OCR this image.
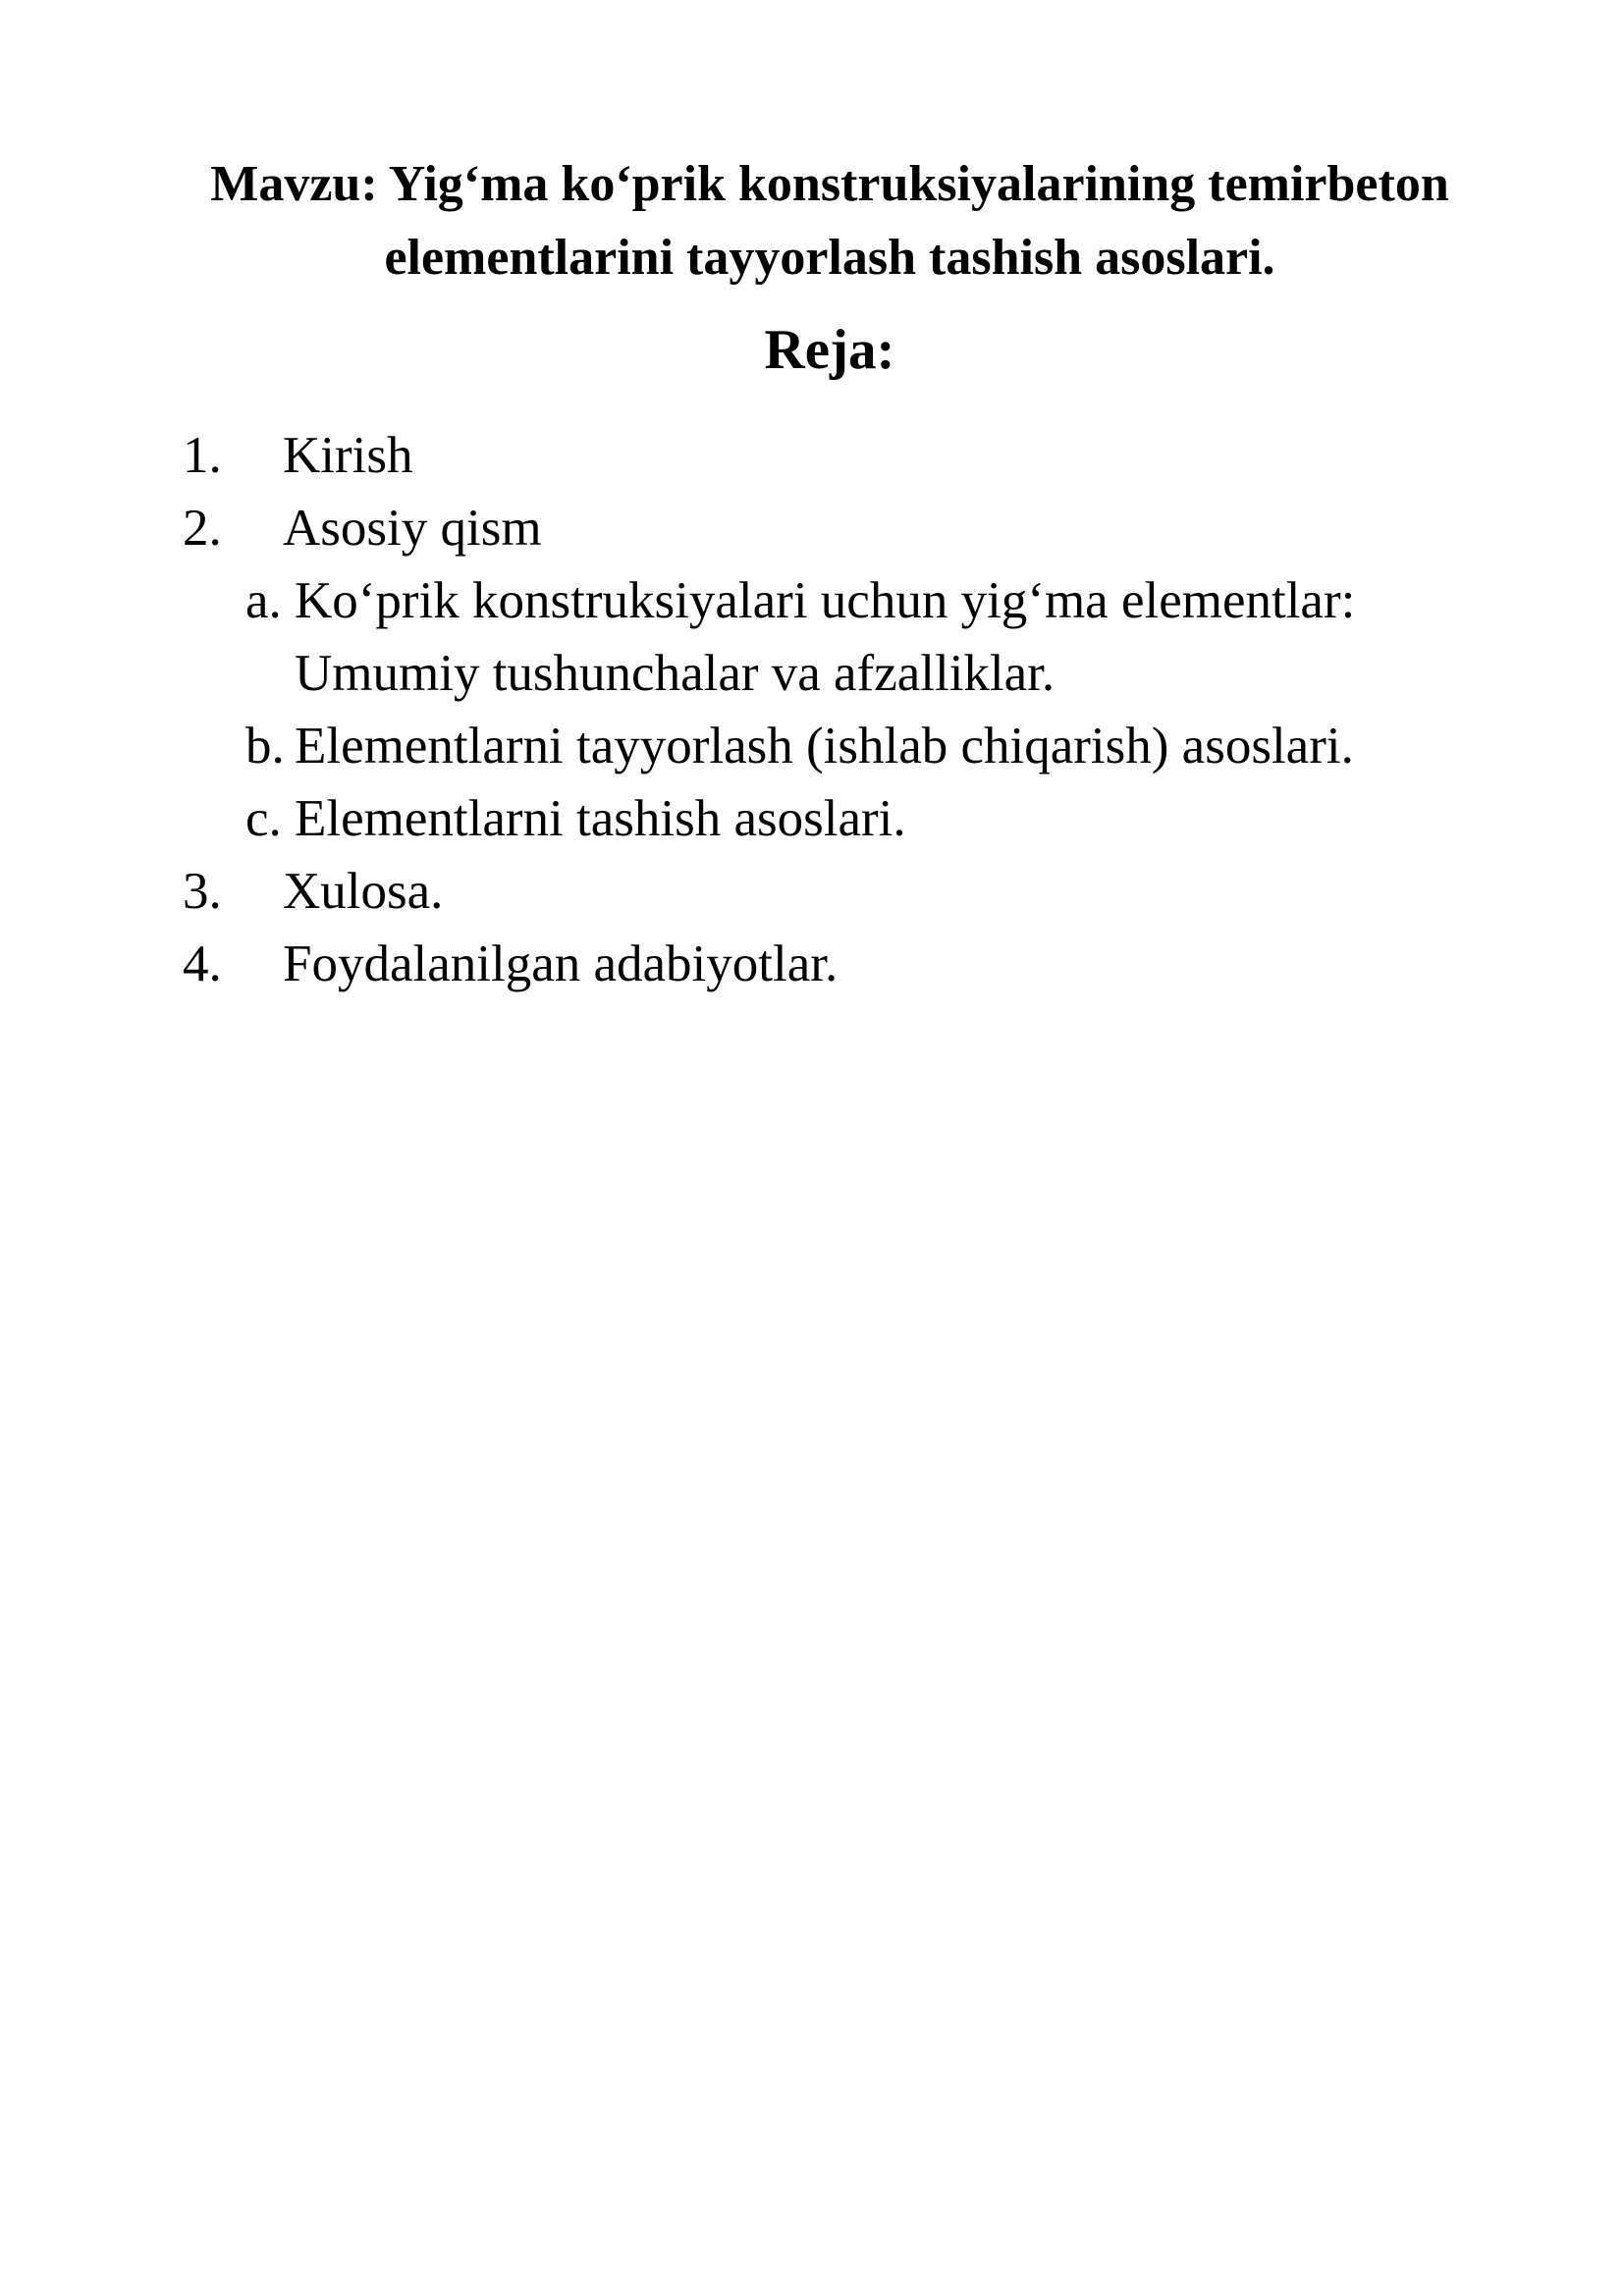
Mavzu: Yig‘ma ko‘prik konstruksiyalarining temirbeton
elementlarini tayyorlash tashish asoslari.
Reja:
1. Kirish
2. Asosiy qism
a. Ko‘prik konstruksiyalari uchun yig‘ma elementlar:
Umumiy tushunchalar va afzalliklar.
b. Elementlarni tayyorlash (ishlab chiqarish) asoslari.
c. Elementlarni tashish asoslari.
3. Xulosa.
4. Foydalanilgan adabiyotlar.
